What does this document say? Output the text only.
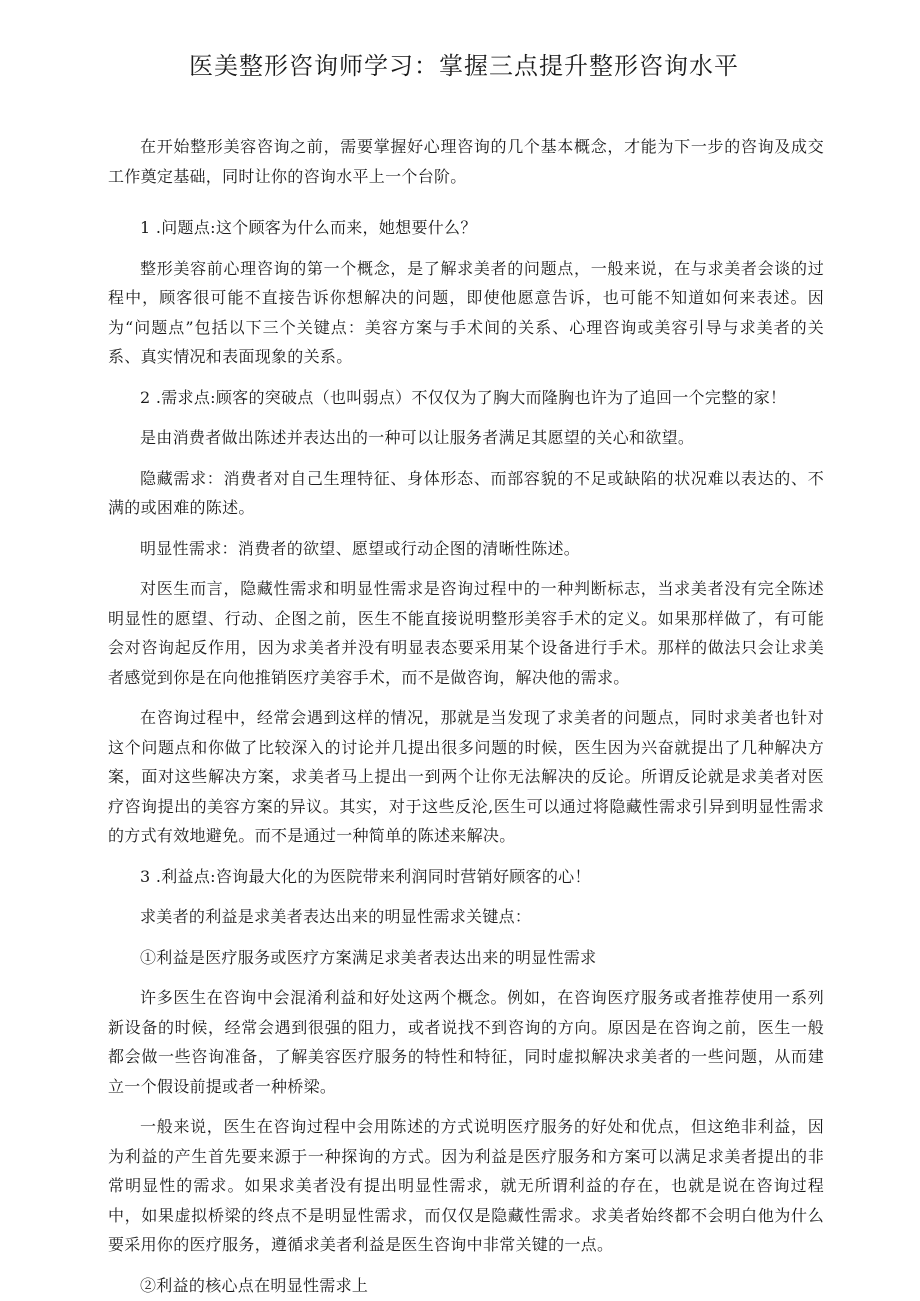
医美整形咨询师学习：掌握三点提升整形咨询水平

在开始整形美容咨询之前，需要掌握好心理咨询的几个基本概念，才能为下一步的咨询及成交工作奠定基础，同时让你的咨询水平上一个台阶。

1 .问题点:这个顾客为什么而来，她想要什么？

整形美容前心理咨询的第一个概念，是了解求美者的问题点，一般来说，在与求美者会谈的过程中，顾客很可能不直接告诉你想解决的问题，即使他愿意告诉，也可能不知道如何来表述。因为“问题点”包括以下三个关键点：美容方案与手术间的关系、心理咨询或美容引导与求美者的关系、真实情况和表面现象的关系。

2 .需求点:顾客的突破点（也叫弱点）不仅仅为了胸大而隆胸也许为了追回一个完整的家！

是由消费者做出陈述并表达出的一种可以让服务者满足其愿望的关心和欲望。

隐藏需求：消费者对自己生理特征、身体形态、而部容貌的不足或缺陷的状况难以表达的、不满的或困难的陈述。

明显性需求：消费者的欲望、愿望或行动企图的清晰性陈述。

对医生而言，隐藏性需求和明显性需求是咨询过程中的一种判断标志，当求美者没有完全陈述明显性的愿望、行动、企图之前，医生不能直接说明整形美容手术的定义。如果那样做了，有可能会对咨询起反作用，因为求美者并没有明显表态要采用某个设备进行手术。那样的做法只会让求美者感觉到你是在向他推销医疗美容手术，而不是做咨询，解决他的需求。

在咨询过程中，经常会遇到这样的情况，那就是当发现了求美者的问题点，同时求美者也针对这个问题点和你做了比较深入的讨论并几提出很多问题的时候，医生因为兴奋就提出了几种解决方案，面对这些解决方案，求美者马上提出一到两个让你无法解决的反论。所谓反论就是求美者对医疗咨询提出的美容方案的异议。其实，对于这些反沦,医生可以通过将隐藏性需求引异到明显性需求的方式有效地避免。而不是通过一种简单的陈述来解决。

3 .利益点:咨询最大化的为医院带来利润同时营销好顾客的心！

求美者的利益是求美者表达出来的明显性需求关键点：

①利益是医疗服务或医疗方案满足求美者表达出来的明显性需求

许多医生在咨询中会混淆利益和好处这两个概念。例如，在咨询医疗服务或者推荐使用一系列新设备的时候，经常会遇到很强的阻力，或者说找不到咨询的方向。原因是在咨询之前，医生一般都会做一些咨询准备，了解美容医疗服务的特性和特征，同时虚拟解决求美者的一些问题，从而建立一个假设前提或者一种桥梁。

一般来说，医生在咨询过程中会用陈述的方式说明医疗服务的好处和优点，但这绝非利益，因为利益的产生首先要来源于一种探询的方式。因为利益是医疗服务和方案可以满足求美者提出的非常明显性的需求。如果求美者没有提出明显性需求，就无所谓利益的存在，也就是说在咨询过程中，如果虚拟桥梁的终点不是明显性需求，而仅仅是隐藏性需求。求美者始终都不会明白他为什么要采用你的医疗服务，遵循求美者利益是医生咨询中非常关键的一点。

②利益的核心点在明显性需求上
